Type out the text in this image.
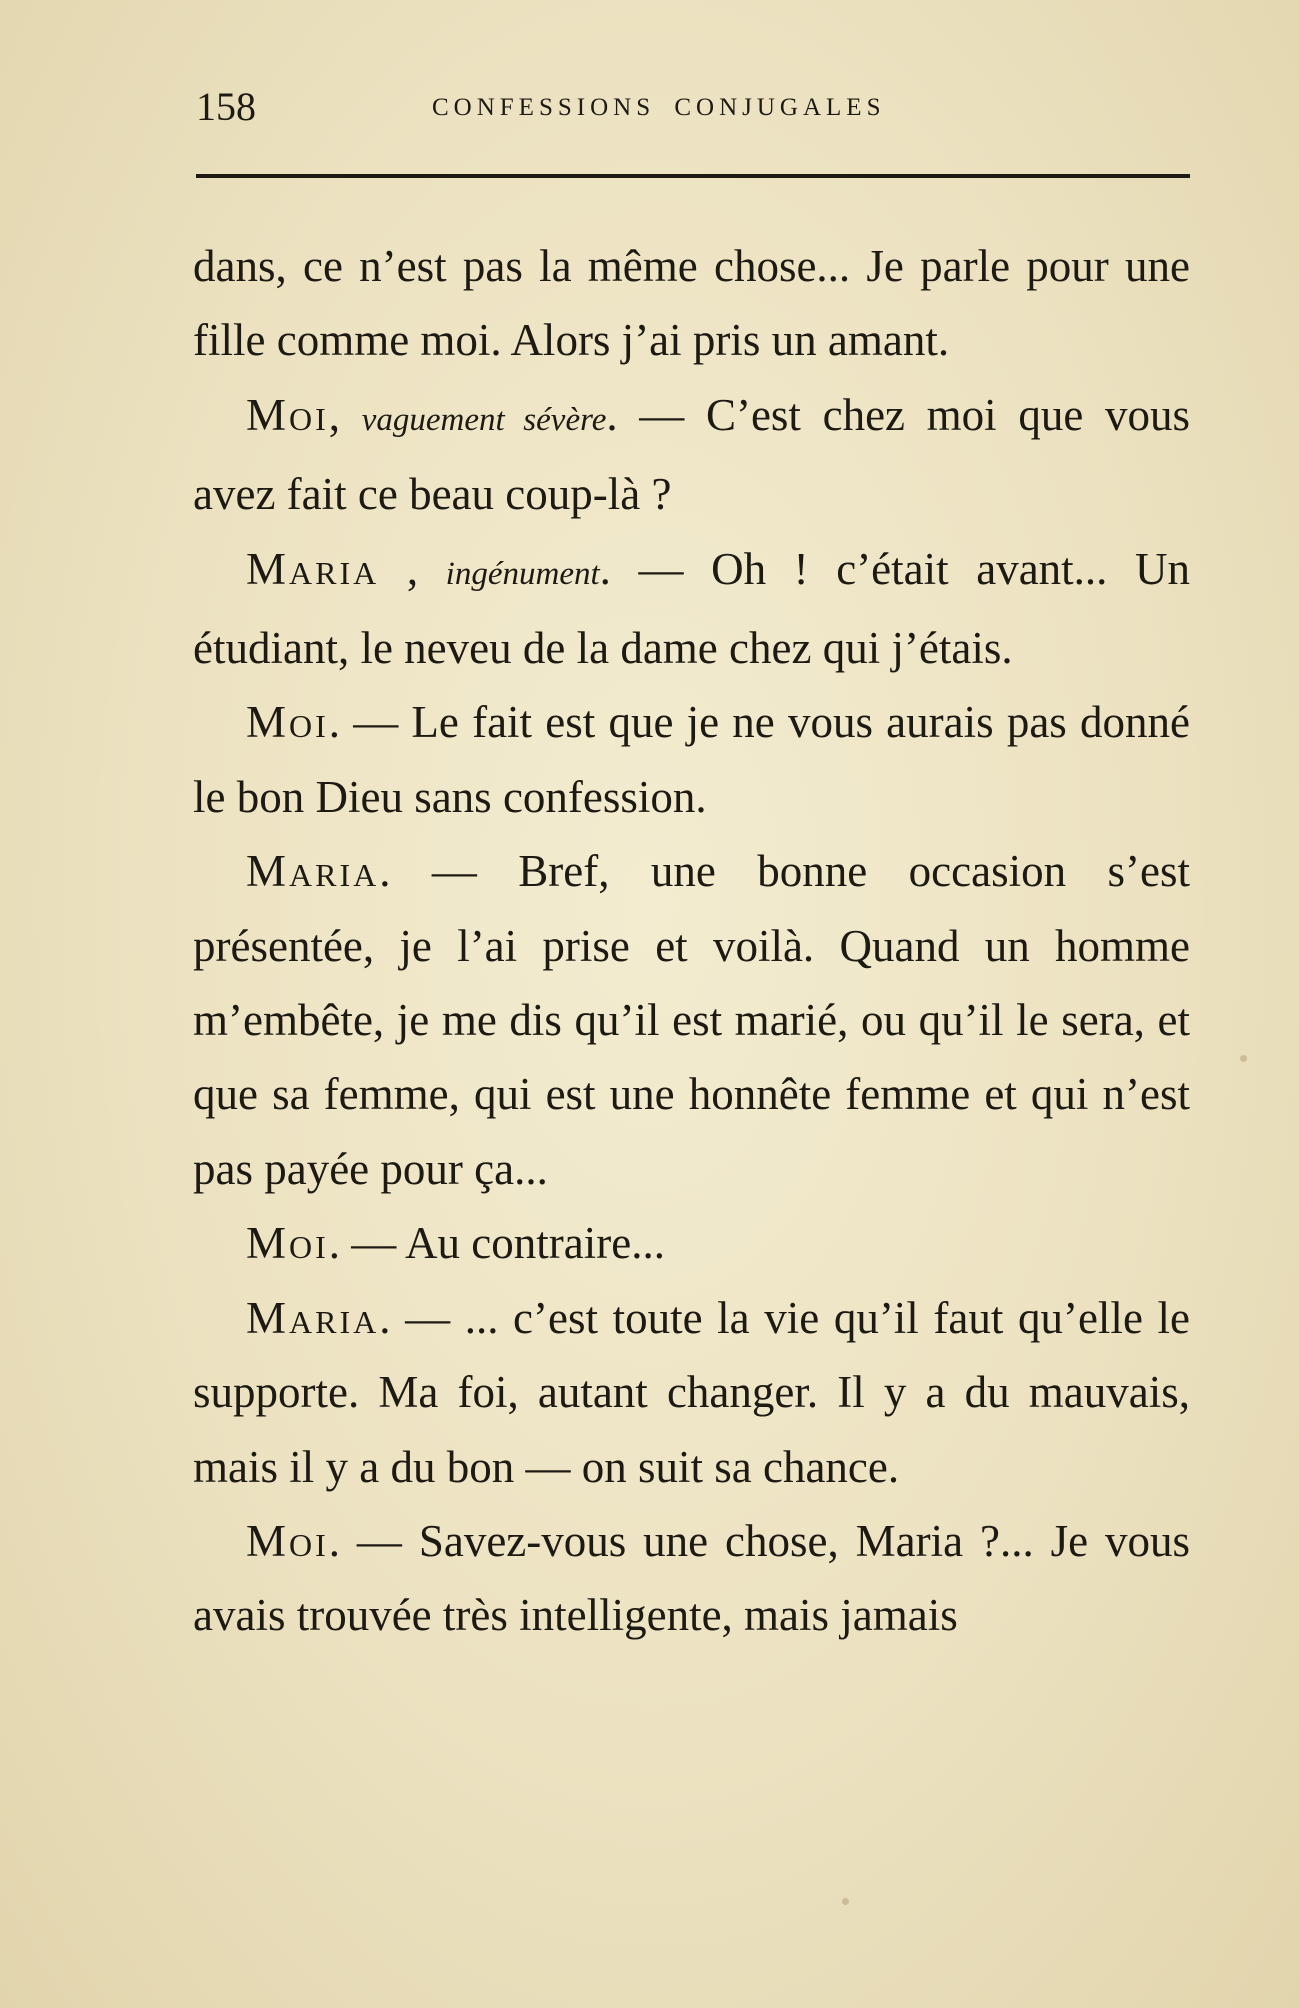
158	CONFESSIONS CONJUGALES

dans, ce n’est pas la même chose... Je parle pour une fille comme moi. Alors j’ai pris un amant.

Moi, vaguement sévère. — C’est chez moi que vous avez fait ce beau coup-là ?

Maria , ingénument. — Oh ! c’était avant... Un étudiant, le neveu de la dame chez qui j’étais.

Moi. — Le fait est que je ne vous aurais pas donné le bon Dieu sans confession.

Maria. — Bref, une bonne occasion s’est présentée, je l’ai prise et voilà. Quand un homme m’embête, je me dis qu’il est marié, ou qu’il le sera, et que sa femme, qui est une honnête femme et qui n’est pas payée pour ça...

Moi. — Au contraire...

Maria. — ... c’est toute la vie qu’il faut qu’elle le supporte. Ma foi, autant changer. Il y a du mauvais, mais il y a du bon — on suit sa chance.

Moi. — Savez-vous une chose, Maria ?... Je vous avais trouvée très intelligente, mais jamais
